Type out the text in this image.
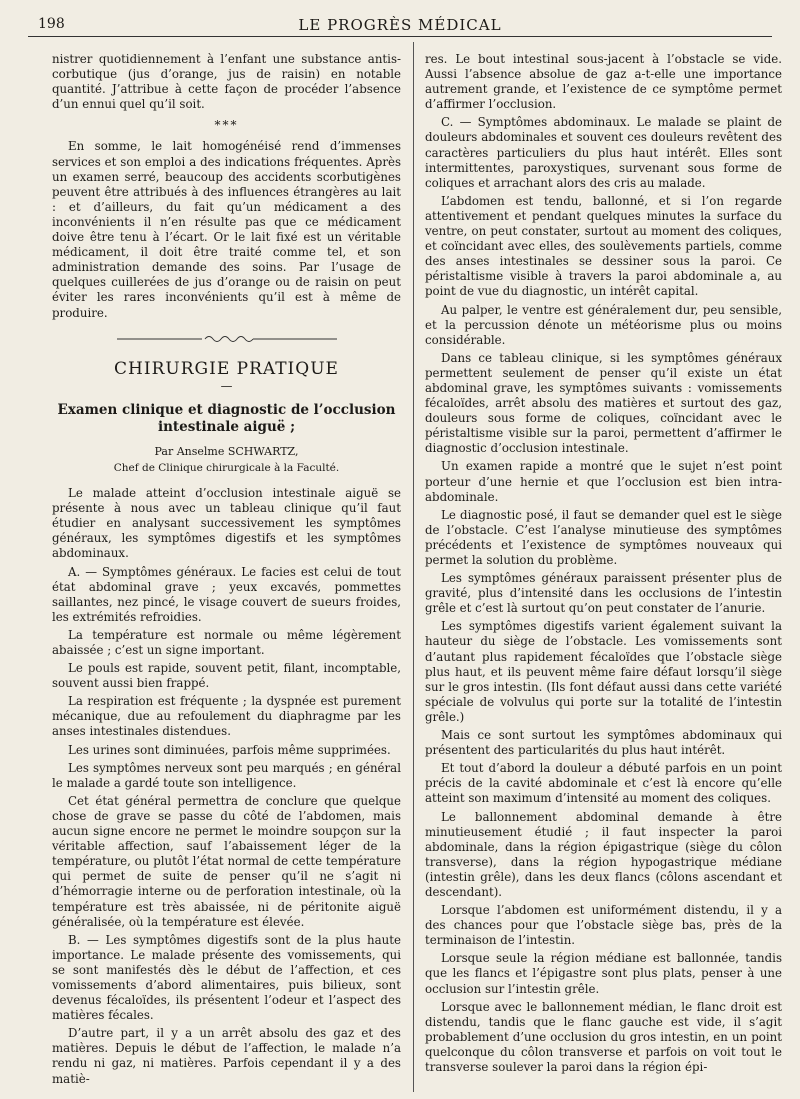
198	LE PROGRÈS MÉDICAL

nistrer quotidiennement à l’enfant une substance antis-corbutique (jus d’orange, jus de raisin) en notable quantité. J’attribue à cette façon de procéder l’absence d’un ennui quel qu’il soit.

***

En somme, le lait homogénéisé rend d’immenses services et son emploi a des indications fréquentes. Après un examen serré, beaucoup des accidents scorbutigènes peuvent être attribués à des influences étrangères au lait : et d’ailleurs, du fait qu’un médicament a des inconvénients il n’en résulte pas que ce médicament doive être tenu à l’écart. Or le lait fixé est un véritable médicament, il doit être traité comme tel, et son administration demande des soins. Par l’usage de quelques cuillerées de jus d’orange ou de raisin on peut éviter les rares inconvénients qu’il est à même de produire.

CHIRURGIE PRATIQUE
—
Examen clinique et diagnostic de l’occlusion intestinale aiguë ;
Par Anselme SCHWARTZ,
Chef de Clinique chirurgicale à la Faculté.

Le malade atteint d’occlusion intestinale aiguë se présente à nous avec un tableau clinique qu’il faut étudier en analysant successivement les symptômes généraux, les symptômes digestifs et les symptômes abdominaux.

A. — Symptômes généraux. Le facies est celui de tout état abdominal grave ; yeux excavés, pommettes saillantes, nez pincé, le visage couvert de sueurs froides, les extrémités refroidies.

La température est normale ou même légèrement abaissée ; c’est un signe important.

Le pouls est rapide, souvent petit, filant, incomptable, souvent aussi bien frappé.

La respiration est fréquente ; la dyspnée est purement mécanique, due au refoulement du diaphragme par les anses intestinales distendues.

Les urines sont diminuées, parfois même supprimées.

Les symptômes nerveux sont peu marqués ; en général le malade a gardé toute son intelligence.

Cet état général permettra de conclure que quelque chose de grave se passe du côté de l’abdomen, mais aucun signe encore ne permet le moindre soupçon sur la véritable affection, sauf l’abaissement léger de la température, ou plutôt l’état normal de cette température qui permet de suite de penser qu’il ne s’agit ni d’hémorragie interne ou de perforation intestinale, où la température est très abaissée, ni de péritonite aiguë généralisée, où la température est élevée.

B. — Les symptômes digestifs sont de la plus haute importance. Le malade présente des vomissements, qui se sont manifestés dès le début de l’affection, et ces vomissements d’abord alimentaires, puis bilieux, sont devenus fécaloïdes, ils présentent l’odeur et l’aspect des matières fécales.

D’autre part, il y a un arrêt absolu des gaz et des matières. Depuis le début de l’affection, le malade n’a rendu ni gaz, ni matières. Parfois cependant il y a des matiè-

res. Le bout intestinal sous-jacent à l’obstacle se vide. Aussi l’absence absolue de gaz a-t-elle une importance autrement grande, et l’existence de ce symptôme permet d’affirmer l’occlusion.

C. — Symptômes abdominaux. Le malade se plaint de douleurs abdominales et souvent ces douleurs revêtent des caractères particuliers du plus haut intérêt. Elles sont intermittentes, paroxystiques, survenant sous forme de coliques et arrachant alors des cris au malade.

L’abdomen est tendu, ballonné, et si l’on regarde attentivement et pendant quelques minutes la surface du ventre, on peut constater, surtout au moment des coliques, et coïncidant avec elles, des soulèvements partiels, comme des anses intestinales se dessiner sous la paroi. Ce péristaltisme visible à travers la paroi abdominale a, au point de vue du diagnostic, un intérêt capital.

Au palper, le ventre est généralement dur, peu sensible, et la percussion dénote un météorisme plus ou moins considérable.

Dans ce tableau clinique, si les symptômes généraux permettent seulement de penser qu’il existe un état abdominal grave, les symptômes suivants : vomissements fécaloïdes, arrêt absolu des matières et surtout des gaz, douleurs sous forme de coliques, coïncidant avec le péristaltisme visible sur la paroi, permettent d’affirmer le diagnostic d’occlusion intestinale.

Un examen rapide a montré que le sujet n’est point porteur d’une hernie et que l’occlusion est bien intra-abdominale.

Le diagnostic posé, il faut se demander quel est le siège de l’obstacle. C’est l’analyse minutieuse des symptômes précédents et l’existence de symptômes nouveaux qui permet la solution du problème.

Les symptômes généraux paraissent présenter plus de gravité, plus d’intensité dans les occlusions de l’intestin grêle et c’est là surtout qu’on peut constater de l’anurie.

Les symptômes digestifs varient également suivant la hauteur du siège de l’obstacle. Les vomissements sont d’autant plus rapidement fécaloïdes que l’obstacle siège plus haut, et ils peuvent même faire défaut lorsqu’il siège sur le gros intestin. (Ils font défaut aussi dans cette variété spéciale de volvulus qui porte sur la totalité de l’intestin grêle.)

Mais ce sont surtout les symptômes abdominaux qui présentent des particularités du plus haut intérêt.

Et tout d’abord la douleur a débuté parfois en un point précis de la cavité abdominale et c’est là encore qu’elle atteint son maximum d’intensité au moment des coliques.

Le ballonnement abdominal demande à être minutieusement étudié ; il faut inspecter la paroi abdominale, dans la région épigastrique (siège du côlon transverse), dans la région hypogastrique médiane (intestin grêle), dans les deux flancs (côlons ascendant et descendant).

Lorsque l’abdomen est uniformément distendu, il y a des chances pour que l’obstacle siège bas, près de la terminaison de l’intestin.

Lorsque seule la région médiane est ballonnée, tandis que les flancs et l’épigastre sont plus plats, penser à une occlusion sur l’intestin grêle.

Lorsque avec le ballonnement médian, le flanc droit est distendu, tandis que le flanc gauche est vide, il s’agit probablement d’une occlusion du gros intestin, en un point quelconque du côlon transverse et parfois on voit tout le transverse soulever la paroi dans la région épi-
